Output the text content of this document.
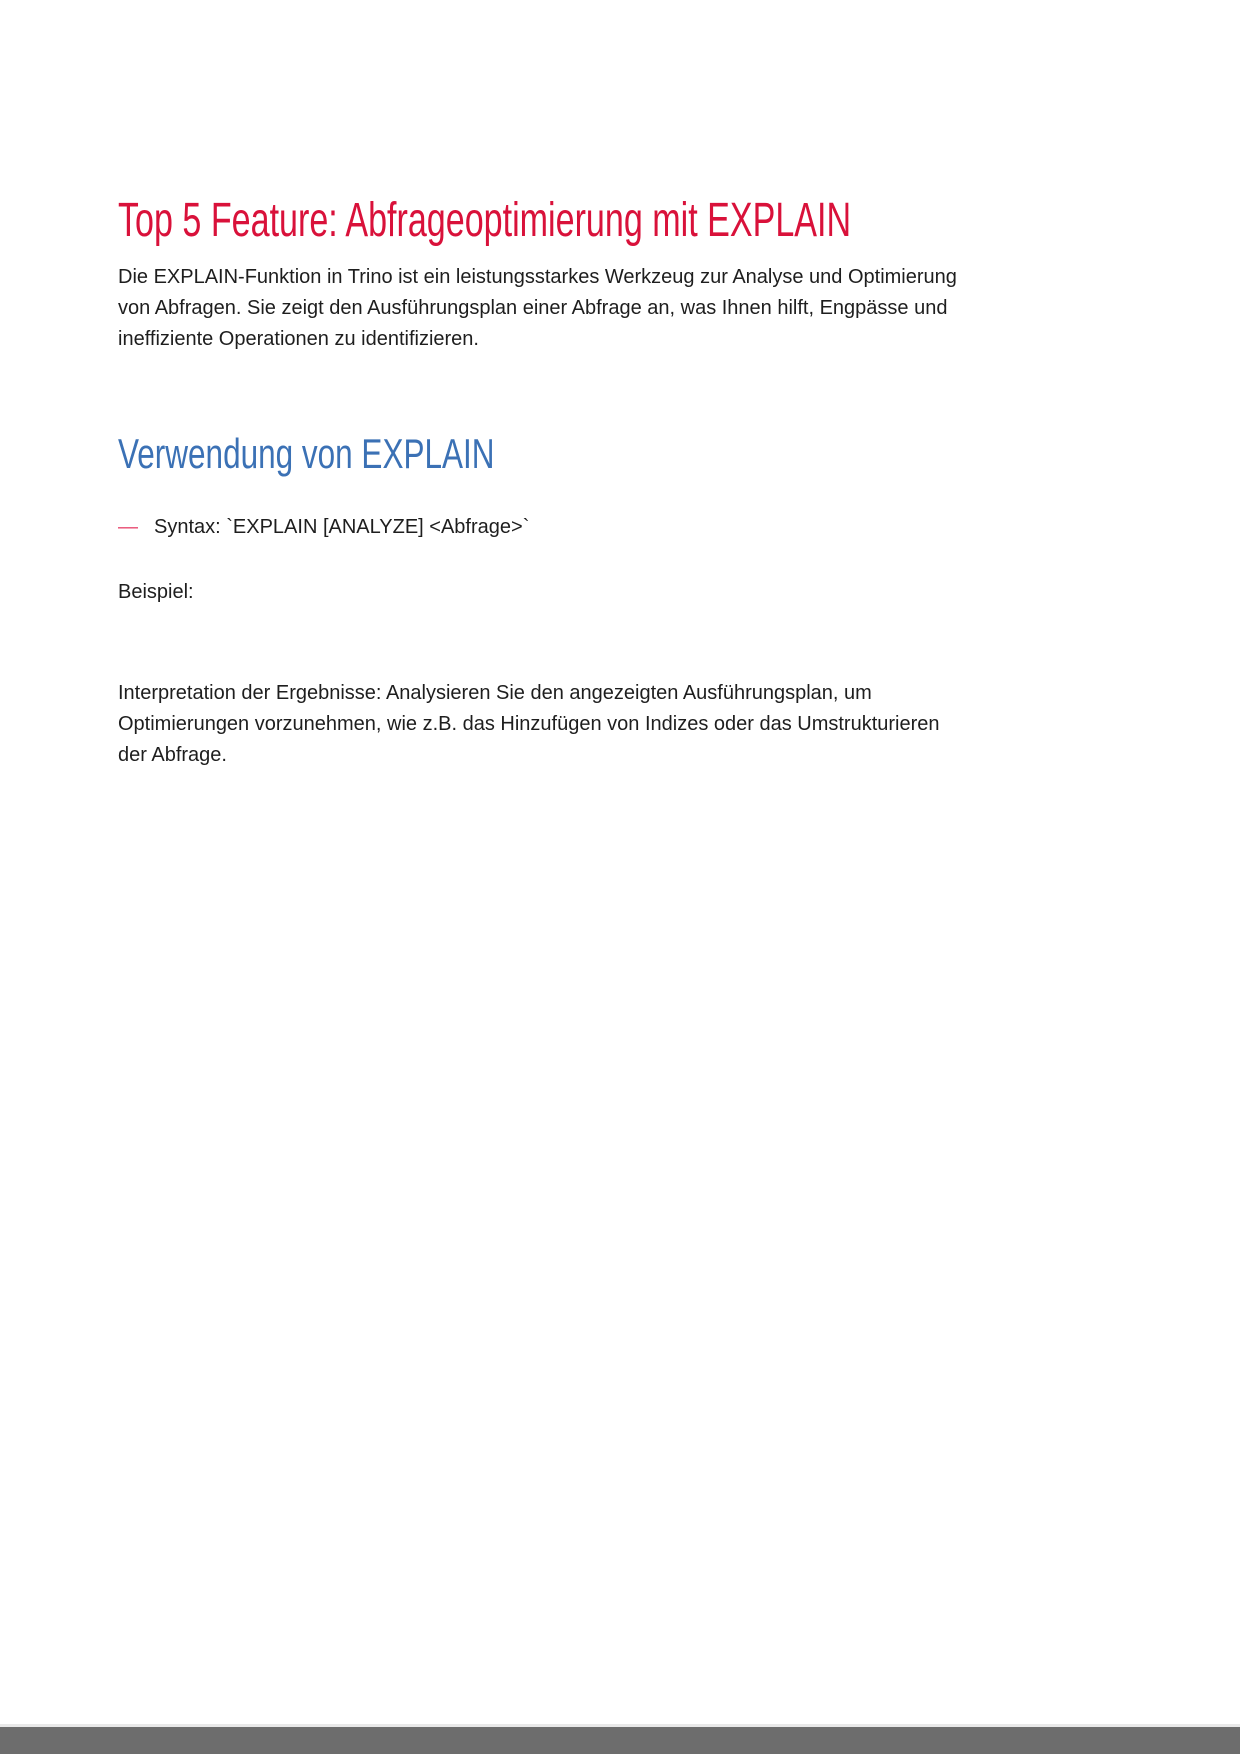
Top 5 Feature: Abfrageoptimierung mit EXPLAIN
Die EXPLAIN-Funktion in Trino ist ein leistungsstarkes Werkzeug zur Analyse und Optimierung
von Abfragen. Sie zeigt den Ausführungsplan einer Abfrage an, was Ihnen hilft, Engpässe und
ineffiziente Operationen zu identifizieren.
Verwendung von EXPLAIN
— Syntax: `EXPLAIN [ANALYZE] <Abfrage>`
Beispiel:
Interpretation der Ergebnisse: Analysieren Sie den angezeigten Ausführungsplan, um
Optimierungen vorzunehmen, wie z.B. das Hinzufügen von Indizes oder das Umstrukturieren
der Abfrage.
